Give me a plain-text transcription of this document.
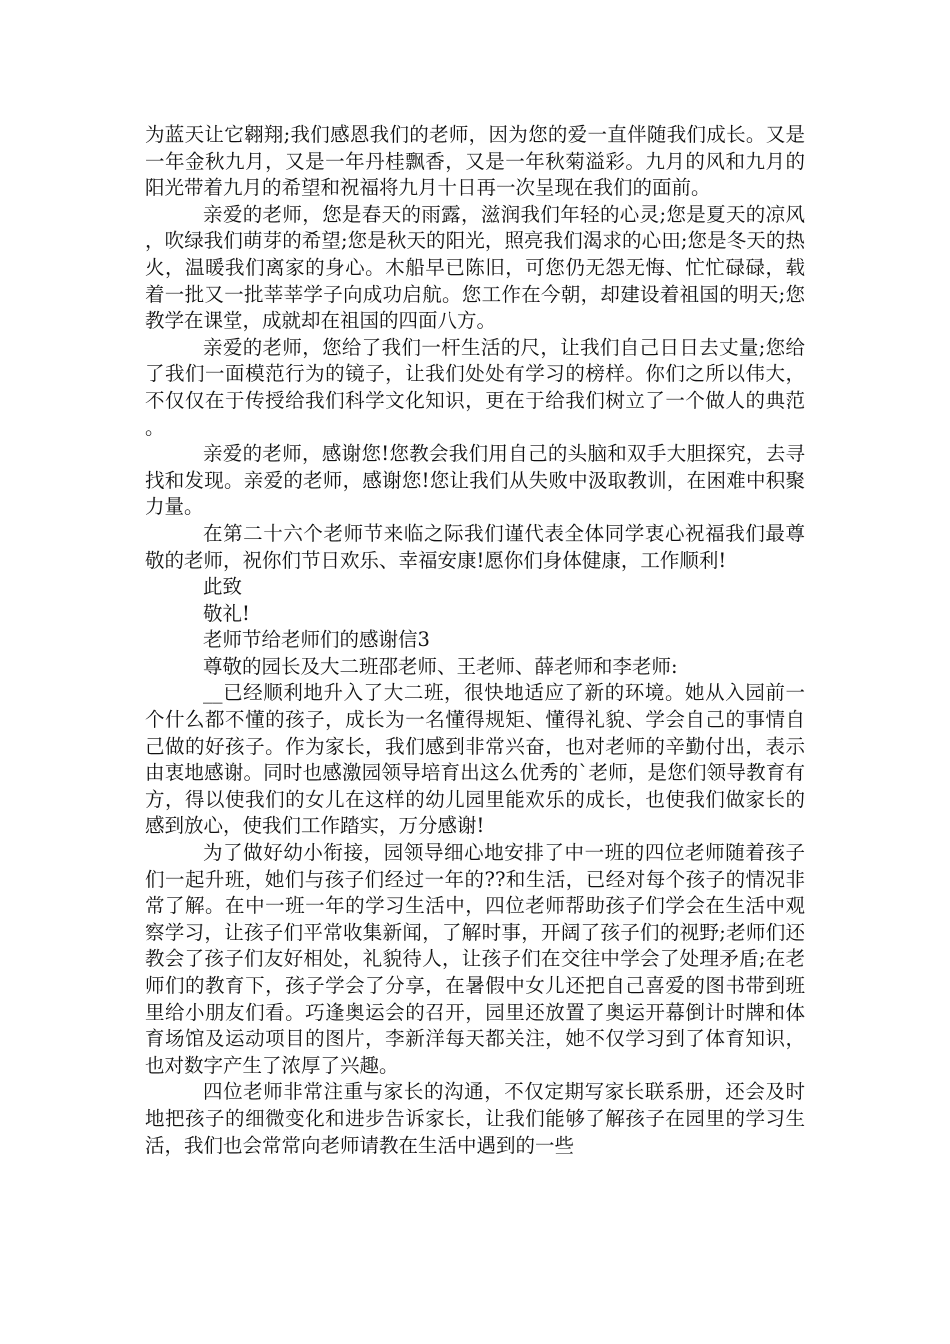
为蓝天让它翱翔;我们感恩我们的老师，因为您的爱一直伴随我们成长。又是一年金秋九月，又是一年丹桂飘香，又是一年秋菊溢彩。九月的风和九月的阳光带着九月的希望和祝福将九月十日再一次呈现在我们的面前。

亲爱的老师，您是春天的雨露，滋润我们年轻的心灵;您是夏天的凉风，吹绿我们萌芽的希望;您是秋天的阳光，照亮我们渴求的心田;您是冬天的热火，温暖我们离家的身心。木船早已陈旧，可您仍无怨无悔、忙忙碌碌，载着一批又一批莘莘学子向成功启航。您工作在今朝，却建设着祖国的明天;您教学在课堂，成就却在祖国的四面八方。

亲爱的老师，您给了我们一杆生活的尺，让我们自己日日去丈量;您给了我们一面模范行为的镜子，让我们处处有学习的榜样。你们之所以伟大，不仅仅在于传授给我们科学文化知识，更在于给我们树立了一个做人的典范。

亲爱的老师，感谢您!您教会我们用自己的头脑和双手大胆探究，去寻找和发现。亲爱的老师，感谢您!您让我们从失败中汲取教训，在困难中积聚力量。

在第二十六个老师节来临之际我们谨代表全体同学衷心祝福我们最尊敬的老师，祝你们节日欢乐、幸福安康!愿你们身体健康，工作顺利!

此致

敬礼!

老师节给老师们的感谢信3

尊敬的园长及大二班邵老师、王老师、薛老师和李老师:

__已经顺利地升入了大二班，很快地适应了新的环境。她从入园前一个什么都不懂的孩子，成长为一名懂得规矩、懂得礼貌、学会自己的事情自己做的好孩子。作为家长，我们感到非常兴奋，也对老师的辛勤付出，表示由衷地感谢。同时也感激园领导培育出这么优秀的`老师，是您们领导教育有方，得以使我们的女儿在这样的幼儿园里能欢乐的成长，也使我们做家长的感到放心，使我们工作踏实，万分感谢!

为了做好幼小衔接，园领导细心地安排了中一班的四位老师随着孩子们一起升班，她们与孩子们经过一年的??和生活，已经对每个孩子的情况非常了解。在中一班一年的学习生活中，四位老师帮助孩子们学会在生活中观察学习，让孩子们平常收集新闻，了解时事，开阔了孩子们的视野;老师们还教会了孩子们友好相处，礼貌待人，让孩子们在交往中学会了处理矛盾;在老师们的教育下，孩子学会了分享，在暑假中女儿还把自己喜爱的图书带到班里给小朋友们看。巧逢奥运会的召开，园里还放置了奥运开幕倒计时牌和体育场馆及运动项目的图片，李新洋每天都关注，她不仅学习到了体育知识，也对数字产生了浓厚了兴趣。

四位老师非常注重与家长的沟通，不仅定期写家长联系册，还会及时地把孩子的细微变化和进步告诉家长，让我们能够了解孩子在园里的学习生活，我们也会常常向老师请教在生活中遇到的一些
